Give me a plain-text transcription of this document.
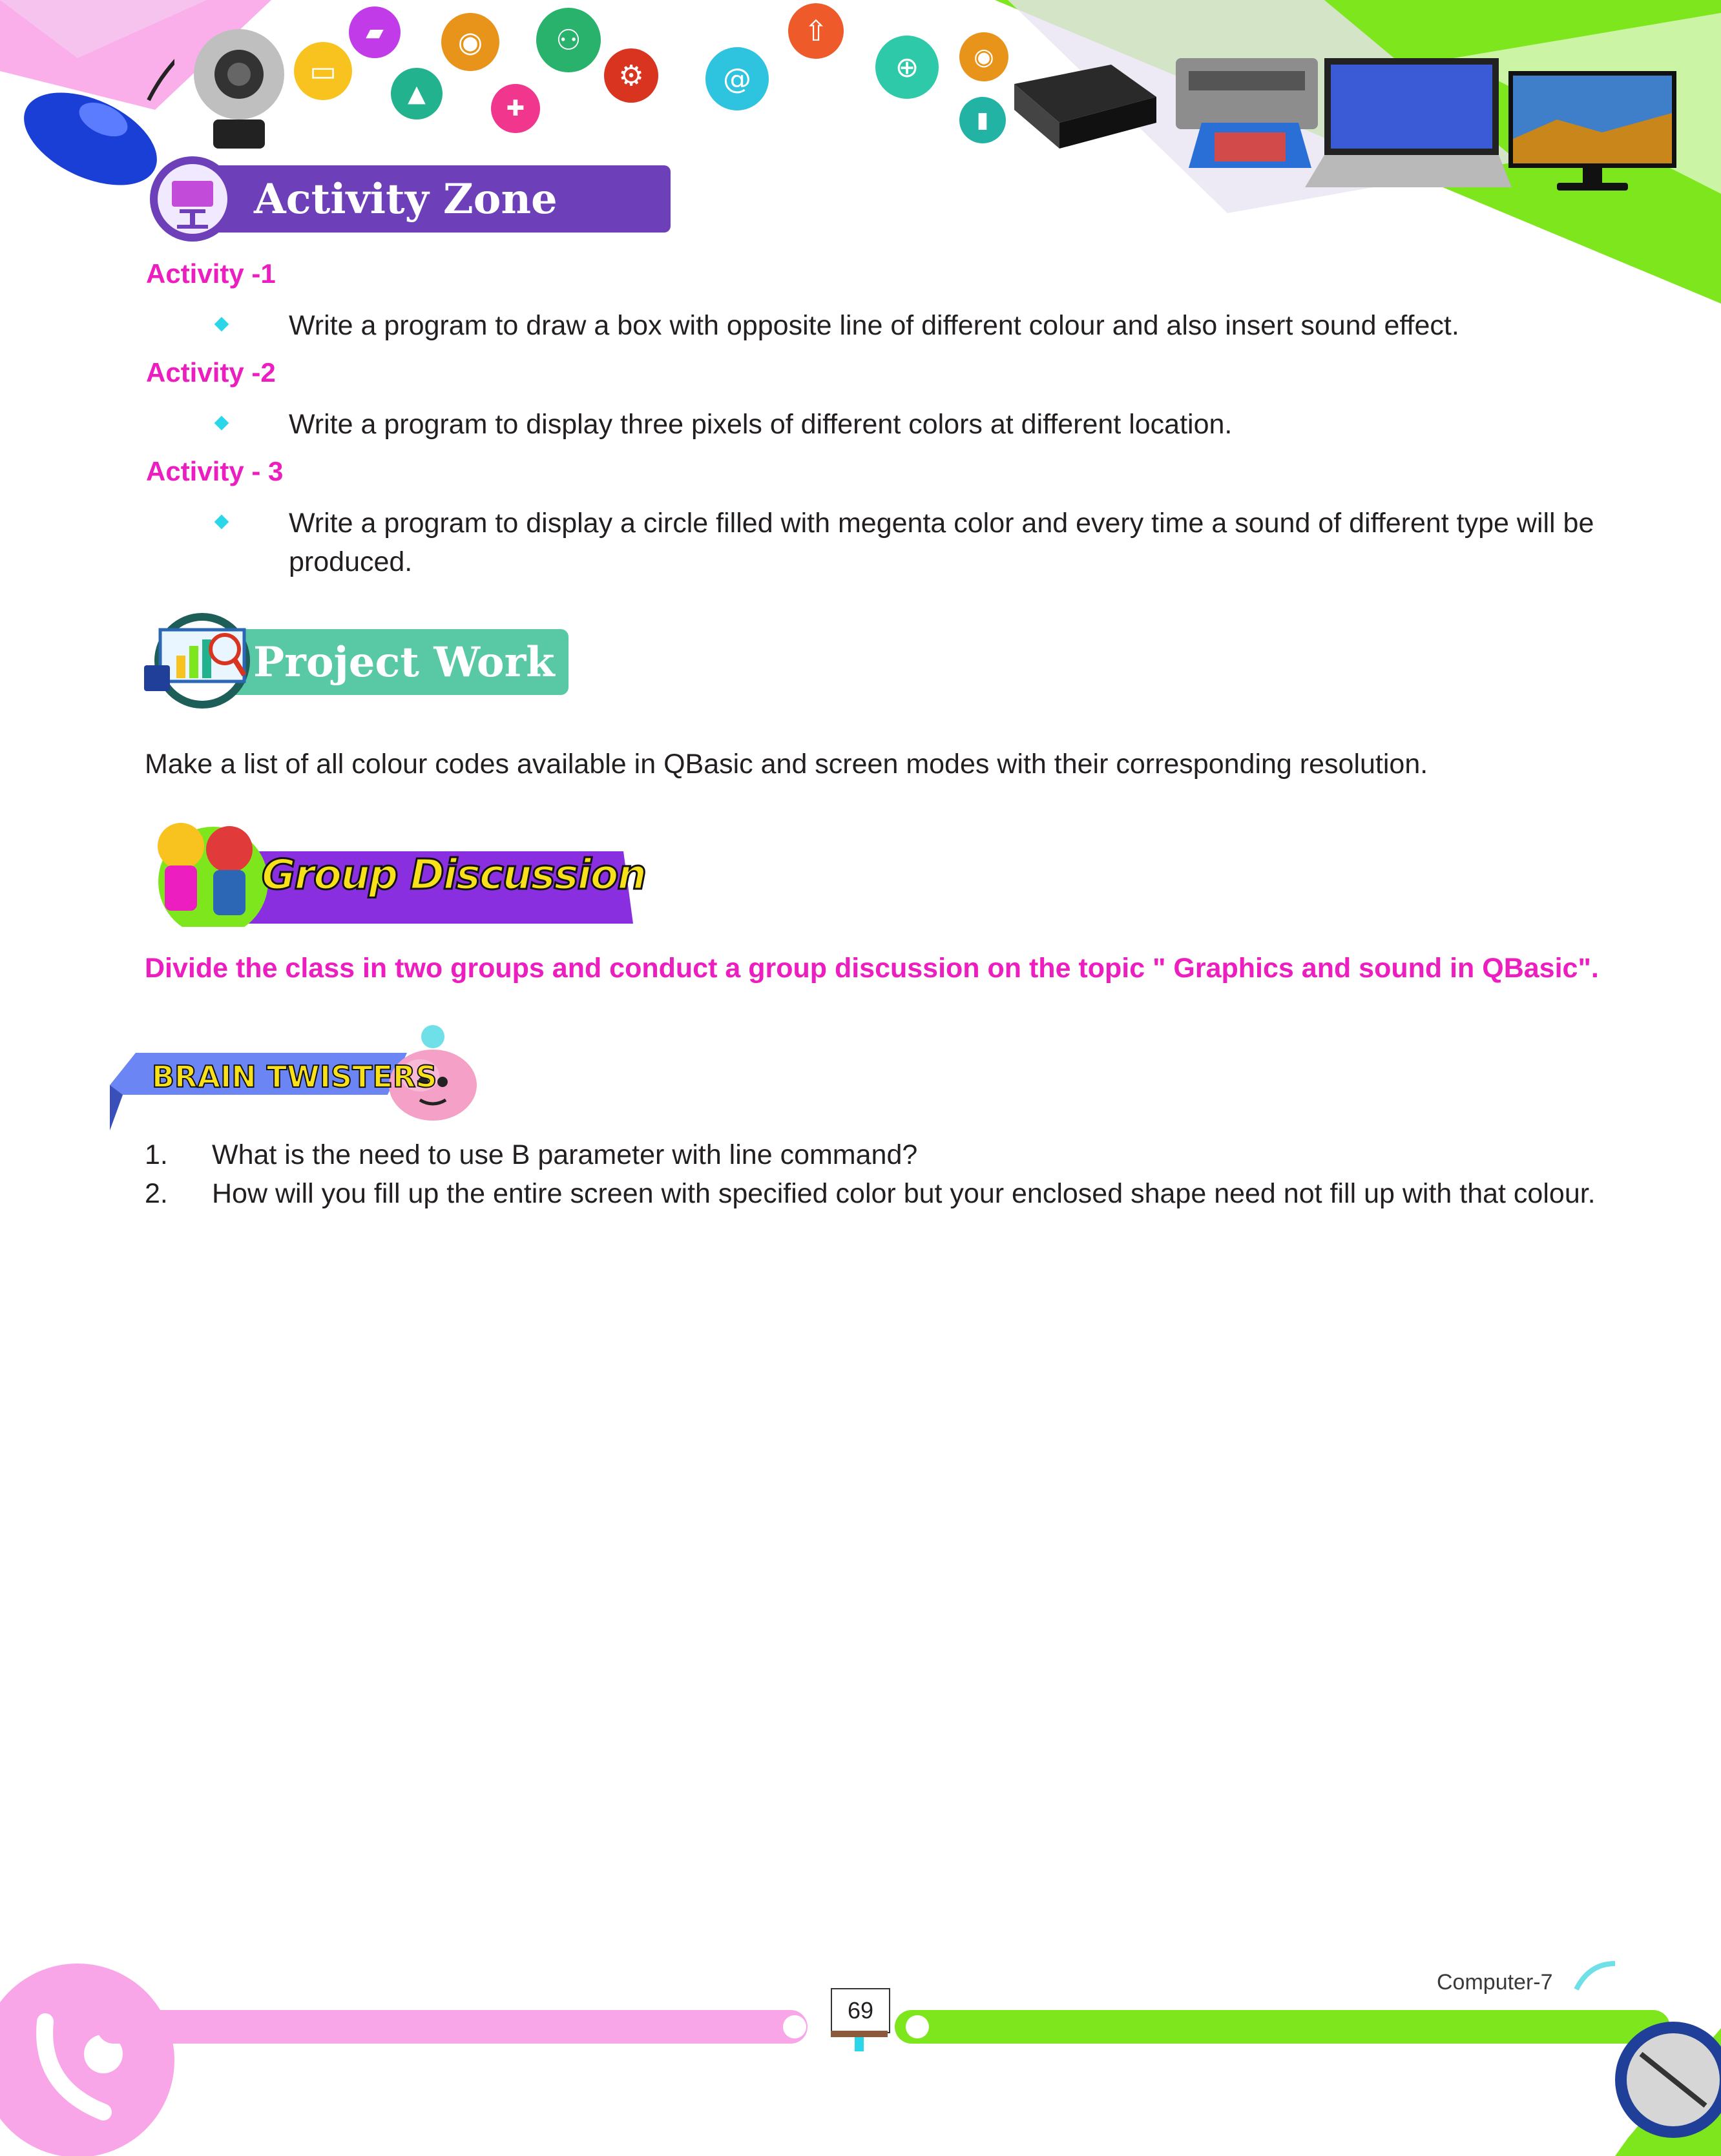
▭
▰
▲
◉
✚
⚇
⚙	@
⇧
⊕	◉
▮
Activity Zone
Activity -1
Write a program to draw a box with opposite line of different colour and also insert sound effect.
Activity -2
Write a program to display three pixels of different colors at different location.
Activity - 3
Write a program to display a circle filled with megenta color and every time a sound of different type will be produced.
Project Work
Make a list of all colour codes available in QBasic and screen modes with their corresponding resolution.
Group Discussion
Divide the class in two groups and conduct a group discussion on the topic " Graphics and sound in QBasic".
BRAIN TWISTERS
1. What is the need to use B parameter with line command?
2. How will you fill up the entire screen with specified color but your enclosed shape need not fill up with that colour.
Computer-7
69
